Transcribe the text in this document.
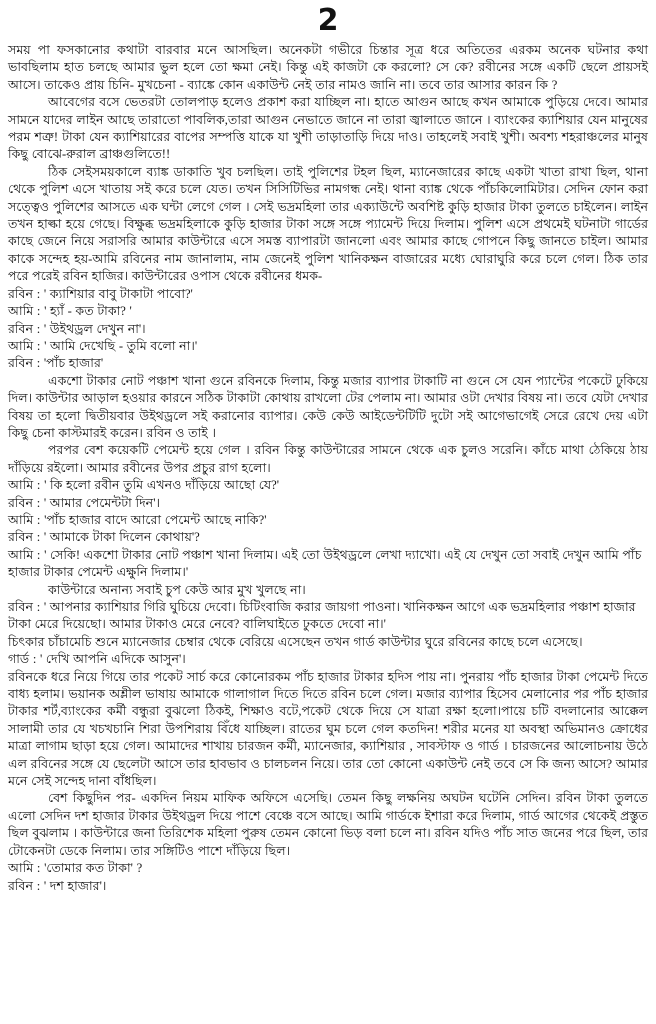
2

সময় পা ফসকানোর কথাটা বারবার মনে আসছিল। অনেকটা গভীরে চিন্তার সূত্র ধরে অতিতের এরকম অনেক ঘটনার কথা ভাবছিলাম হাত চলছে আমার ভুল হলে তো ক্ষমা নেই। কিন্তু এই কাজটা কে করলো? সে কে? রবীনের সঙ্গে একটি ছেলে প্রায়সই আসে। তাকেও প্রায় চিনি- মুখচেনা - ব্যাঙ্কে কোন একাউন্ট নেই তার নামও জানি না। তবে তার আসার কারন কি ?

আবেগের বসে ভেতরটা তোলপাড় হলেও প্রকাশ করা যাচ্ছিল না। হাতে আগুন আছে কখন আমাকে পুড়িয়ে দেবে। আমার সামনে যাদের লাইন আছে তারাতো পাবলিক,তারা আগুন নেভাতে জানে না তারা জ্বালাতে জানে । ব্যাংকের ক্যাশিয়ার যেন মানুষের পরম শত্রু! টাকা যেন ক্যাশিয়ারের বাপের সম্পত্তি যাকে যা খুশী তাড়াতাড়ি দিয়ে দাও। তাহলেই সবাই খুশী। অবশ্য শহরাঞ্চলের মানুষ কিছু বোঝে-রুরাল ব্রাঞ্চগুলিতে!!

ঠিক সেইসময়কালে ব্যাঙ্ক ডাকাতি খুব চলছিল। তাই পুলিশের টহল ছিল, ম্যানেজারের কাছে একটা খাতা রাখা ছিল, থানা থেকে পুলিশ এসে খাতায় সই করে চলে যেত। তখন সিসিটিভির নামগন্ধ নেই। থানা ব্যাঙ্ক থেকে পাঁচকিলোমিটার। সেদিন ফোন করা সত্ত্বেও পুলিশের আসতে এক ঘন্টা লেগে গেল । সেই ভদ্রমহিলা তার এক্যাউন্টে অবশিষ্ট কুড়ি হাজার টাকা তুলতে চাইলেন। লাইন তখন হাল্কা হয়ে গেছে। বিক্ষুব্ধ ভদ্রমহিলাকে কুড়ি হাজার টাকা সঙ্গে সঙ্গে প্যামেন্ট দিয়ে দিলাম। পুলিশ এসে প্রথমেই ঘটনাটা গার্ডের কাছে জেনে নিয়ে সরাসরি আমার কাউন্টারে এসে সমস্ত ব্যাপারটা জানলো এবং আমার কাছে গোপনে কিছু জানতে চাইল। আমার কাকে সন্দেহ হয়-আমি রবিনের নাম জানালাম, নাম জেনেই পুলিশ খানিকক্ষন বাজারের মধ্যে ঘোরাঘুরি করে চলে গেল। ঠিক তার পরে পরেই রবিন হাজির। কাউন্টারের ওপাস থেকে রবীনের ধমক-

রবিন : ' ক্যাশিয়ার বাবু টাকাটা পাবো?'

আমি : ' হ্যাঁ - কত টাকা? '

রবিন : ' উইথড্রল দেখুন না'।

আমি : ' আমি দেখেছি - তুমি বলো না।'

রবিন : 'পাঁচ হাজার'

একশো টাকার নোট পঞ্চাশ খানা গুনে রবিনকে দিলাম, কিন্তু মজার ব্যাপার টাকাটি না গুনে সে যেন প্যান্টের পকেটে ঢুকিয়ে দিল। কাউন্টার আড়াল হওয়ার কারনে সঠিক টাকাটা কোথায় রাখলো টের পেলাম না। আমার ওটা দেখার বিষয় না। তবে যেটা দেখার বিষয় তা হলো দ্বিতীয়বার উইথড্রলে সই করানোর ব্যাপার। কেউ কেউ আইডেন্টটিটি দুটো সই আগেভাগেই সেরে রেখে দেয় এটা কিছু চেনা কাস্টমারই করেন। রবিন ও তাই ।

পরপর বেশ কয়েকটি পেমেন্ট হয়ে গেল । রবিন কিন্তু কাউন্টারের সামনে থেকে এক চুলও সরেনি। কাঁচে মাথা ঠেকিয়ে ঠায় দাঁড়িয়ে রইলো। আমার রবীনের উপর প্রচুর রাগ হলো।

আমি : ' কি হলো রবীন তুমি এখনও দাঁড়িয়ে আছো যে?'

রবিন : ' আমার পেমেন্টটা দিন'।

আমি : 'পাঁচ হাজার বাদে আরো পেমেন্ট আছে নাকি?'

রবিন : ' আমাকে টাকা দিলেন কোথায়'?

আমি : ' সেকি! একশো টাকার নোট পঞ্চাশ খানা দিলাম। এই তো উইথড্রলে লেখা দ্যাখো। এই যে দেখুন তো সবাই দেখুন আমি পাঁচ হাজার টাকার পেমেন্ট এক্ষুনি দিলাম।'

কাউন্টারে অনান্য সবাই চুপ কেউ আর মুখ খুলছে না।

রবিন : ' আপনার ক্যাশিয়ার গিরি ঘুচিয়ে দেবো। চিটিংবাজি করার জায়গা পাওনা। খানিকক্ষন আগে এক ভদ্রমহিলার পঞ্চাশ হাজার টাকা মেরে দিয়েছো। আমার টাকাও মেরে নেবে? বালিঘাইতে ঢুকতে দেবো না।'

চিৎকার চাঁচামেচি শুনে ম্যানেজার চেম্বার থেকে বেরিয়ে এসেছেন তখন গার্ড কাউন্টার ঘুরে রবিনের কাছে চলে এসেছে।

গার্ড : ' দেখি আপনি এদিকে আসুন'।

রবিনকে ধরে নিয়ে গিয়ে তার পকেট সার্চ করে কোনোরকম পাঁচ হাজার টাকার হদিস পায় না। পুনরায় পাঁচ হাজার টাকা পেমেন্ট দিতে বাধ্য হলাম। ভয়ানক অশ্লীল ভাষায় আমাকে গালাগাল দিতে দিতে রবিন চলে গেল। মজার ব্যাপার হিসেব মেলানোর পর পাঁচ হাজার টাকার শর্ট,ব্যাংকের কর্মী বন্ধুরা বুঝলো ঠিকই, শিক্ষাও বটে,পকেট থেকে দিয়ে সে যাত্রা রক্ষা হলো।পায়ে চটি বদলানোর আক্কেল সালামী তার যে খচখচানি শিরা উপশিরায় বিঁধে যাচ্ছিল। রাতের ঘুম চলে গেল কতদিন! শরীর মনের যা অবস্থা অভিমানও ক্রোধের মাত্রা লাগাম ছাড়া হয়ে গেল। আমাদের শাখায় চারজন কর্মী, ম্যানেজার, ক্যাশিয়ার , সাবস্টাফ ও গার্ড । চারজনের আলোচনায় উঠে এল রবিনের সঙ্গে যে ছেলেটা আসে তার হাবভাব ও চালচলন নিয়ে। তার তো কোনো একাউন্ট নেই তবে সে কি জন্য আসে? আমার মনে সেই সন্দেহ দানা বাঁধছিল।

বেশ কিছুদিন পর- একদিন নিয়ম মাফিক অফিসে এসেছি। তেমন কিছু লক্ষনিয় অঘটন ঘটেনি সেদিন। রবিন টাকা তুলতে এলো সেদিন দশ হাজার টাকার উইথড্রল দিয়ে পাশে বেঞ্চে বসে আছে। আমি গার্ডকে ইশারা করে দিলাম, গার্ড আগের থেকেই প্রস্তুত ছিল বুঝলাম । কাউন্টারে জনা তিরিশেক মহিলা পুরুষ তেমন কোনো ভিড় বলা চলে না। রবিন যদিও পাঁচ সাত জনের পরে ছিল, তার টোকেনটা ডেকে নিলাম। তার সঙ্গিটিও পাশে দাঁড়িয়ে ছিল।

আমি : 'তোমার কত টাকা' ?

রবিন : ' দশ হাজার'।
